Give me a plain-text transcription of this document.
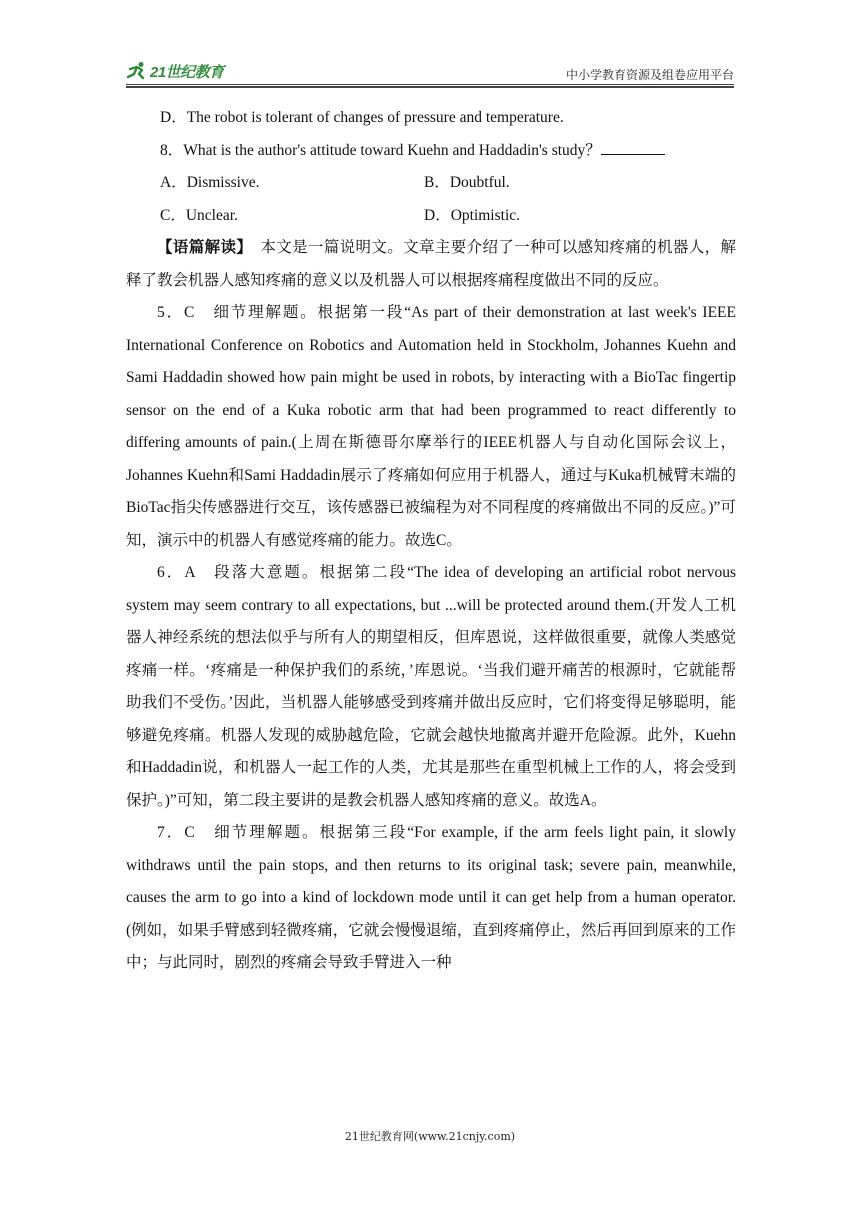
21世纪教育	中小学教育资源及组卷应用平台

D．The robot is tolerant of changes of pressure and temperature.

8．What is the author's attitude toward Kuehn and Haddadin's study？

A．Dismissive.	B．Doubtful.
C．Unclear.	D．Optimistic.

【语篇解读】　 本文是一篇说明文。文章主要介绍了一种可以感知疼痛的机器人，解释了教会机器人感知疼痛的意义以及机器人可以根据疼痛程度做出不同的反应。

5．C　细节理解题。根据第一段“As part of their demonstration at last week's IEEE International Conference on Robotics and Automation held in Stockholm, Johannes Kuehn and Sami Haddadin showed how pain might be used in robots, by interacting with a BioTac fingertip sensor on the end of a Kuka robotic arm that had been programmed to react differently to differing amounts of pain.(上周在斯德哥尔摩举行的IEEE机器人与自动化国际会议上，Johannes Kuehn和Sami Haddadin展示了疼痛如何应用于机器人，通过与Kuka机械臂末端的BioTac指尖传感器进行交互，该传感器已被编程为对不同程度的疼痛做出不同的反应。)”可知，演示中的机器人有感觉疼痛的能力。故选C。

6．A　段落大意题。根据第二段“The idea of developing an artificial robot nervous system may seem contrary to all expectations, but ...will be protected around them.(开发人工机器人神经系统的想法似乎与所有人的期望相反，但库恩说，这样做很重要，就像人类感觉疼痛一样。‘疼痛是一种保护我们的系统，’库恩说。‘当我们避开痛苦的根源时，它就能帮助我们不受伤。’因此，当机器人能够感受到疼痛并做出反应时，它们将变得足够聪明，能够避免疼痛。机器人发现的威胁越危险，它就会越快地撤离并避开危险源。此外，Kuehn和Haddadin说，和机器人一起工作的人类，尤其是那些在重型机械上工作的人，将会受到保护。)”可知，第二段主要讲的是教会机器人感知疼痛的意义。故选A。

7．C　细节理解题。根据第三段“For example, if the arm feels light pain, it slowly withdraws until the pain stops, and then returns to its original task; severe pain, meanwhile, causes the arm to go into a kind of lockdown mode until it can get help from a human operator.(例如，如果手臂感到轻微疼痛，它就会慢慢退缩，直到疼痛停止，然后再回到原来的工作中；与此同时，剧烈的疼痛会导致手臂进入一种

21世纪教育网(www.21cnjy.com)
